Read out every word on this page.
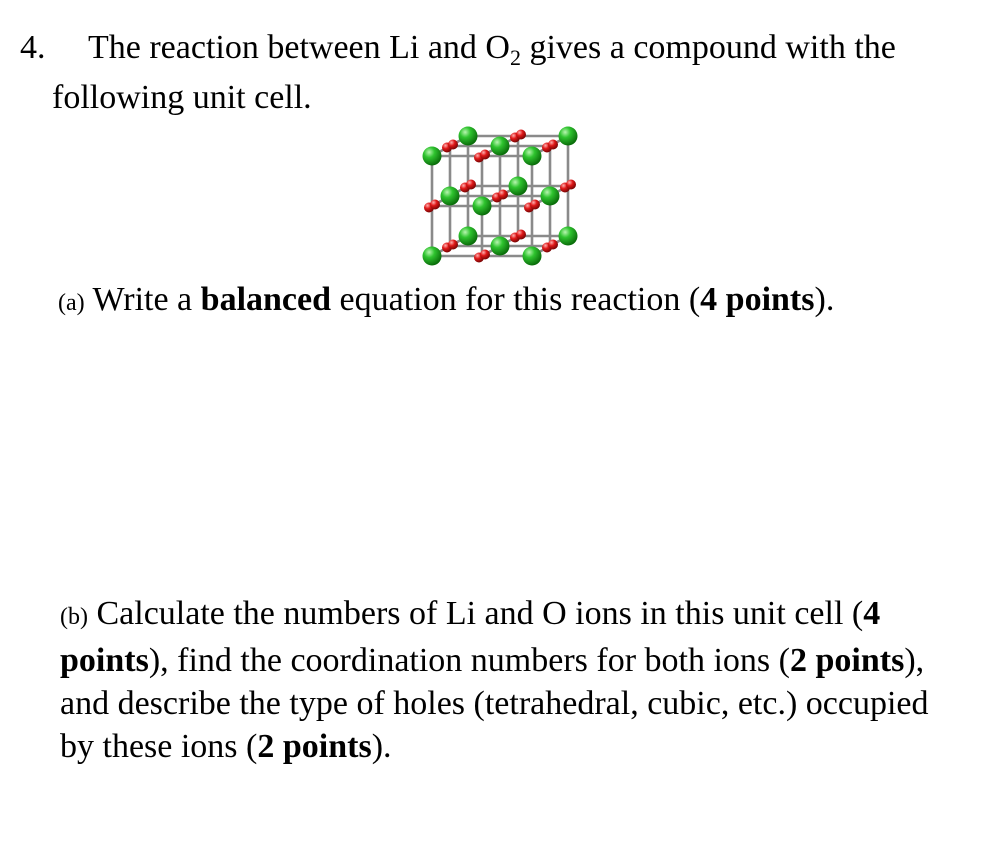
4. The reaction between Li and $O_2$ gives a compound with the
following unit cell.
(a) Write a balanced equation for this reaction (4 points).
(b) Calculate the numbers of Li and O ions in this unit cell (4 points), find the coordination numbers for both ions (2 points), and describe the type of holes (tetrahedral, cubic, etc.) occupied by these ions (2 points).
